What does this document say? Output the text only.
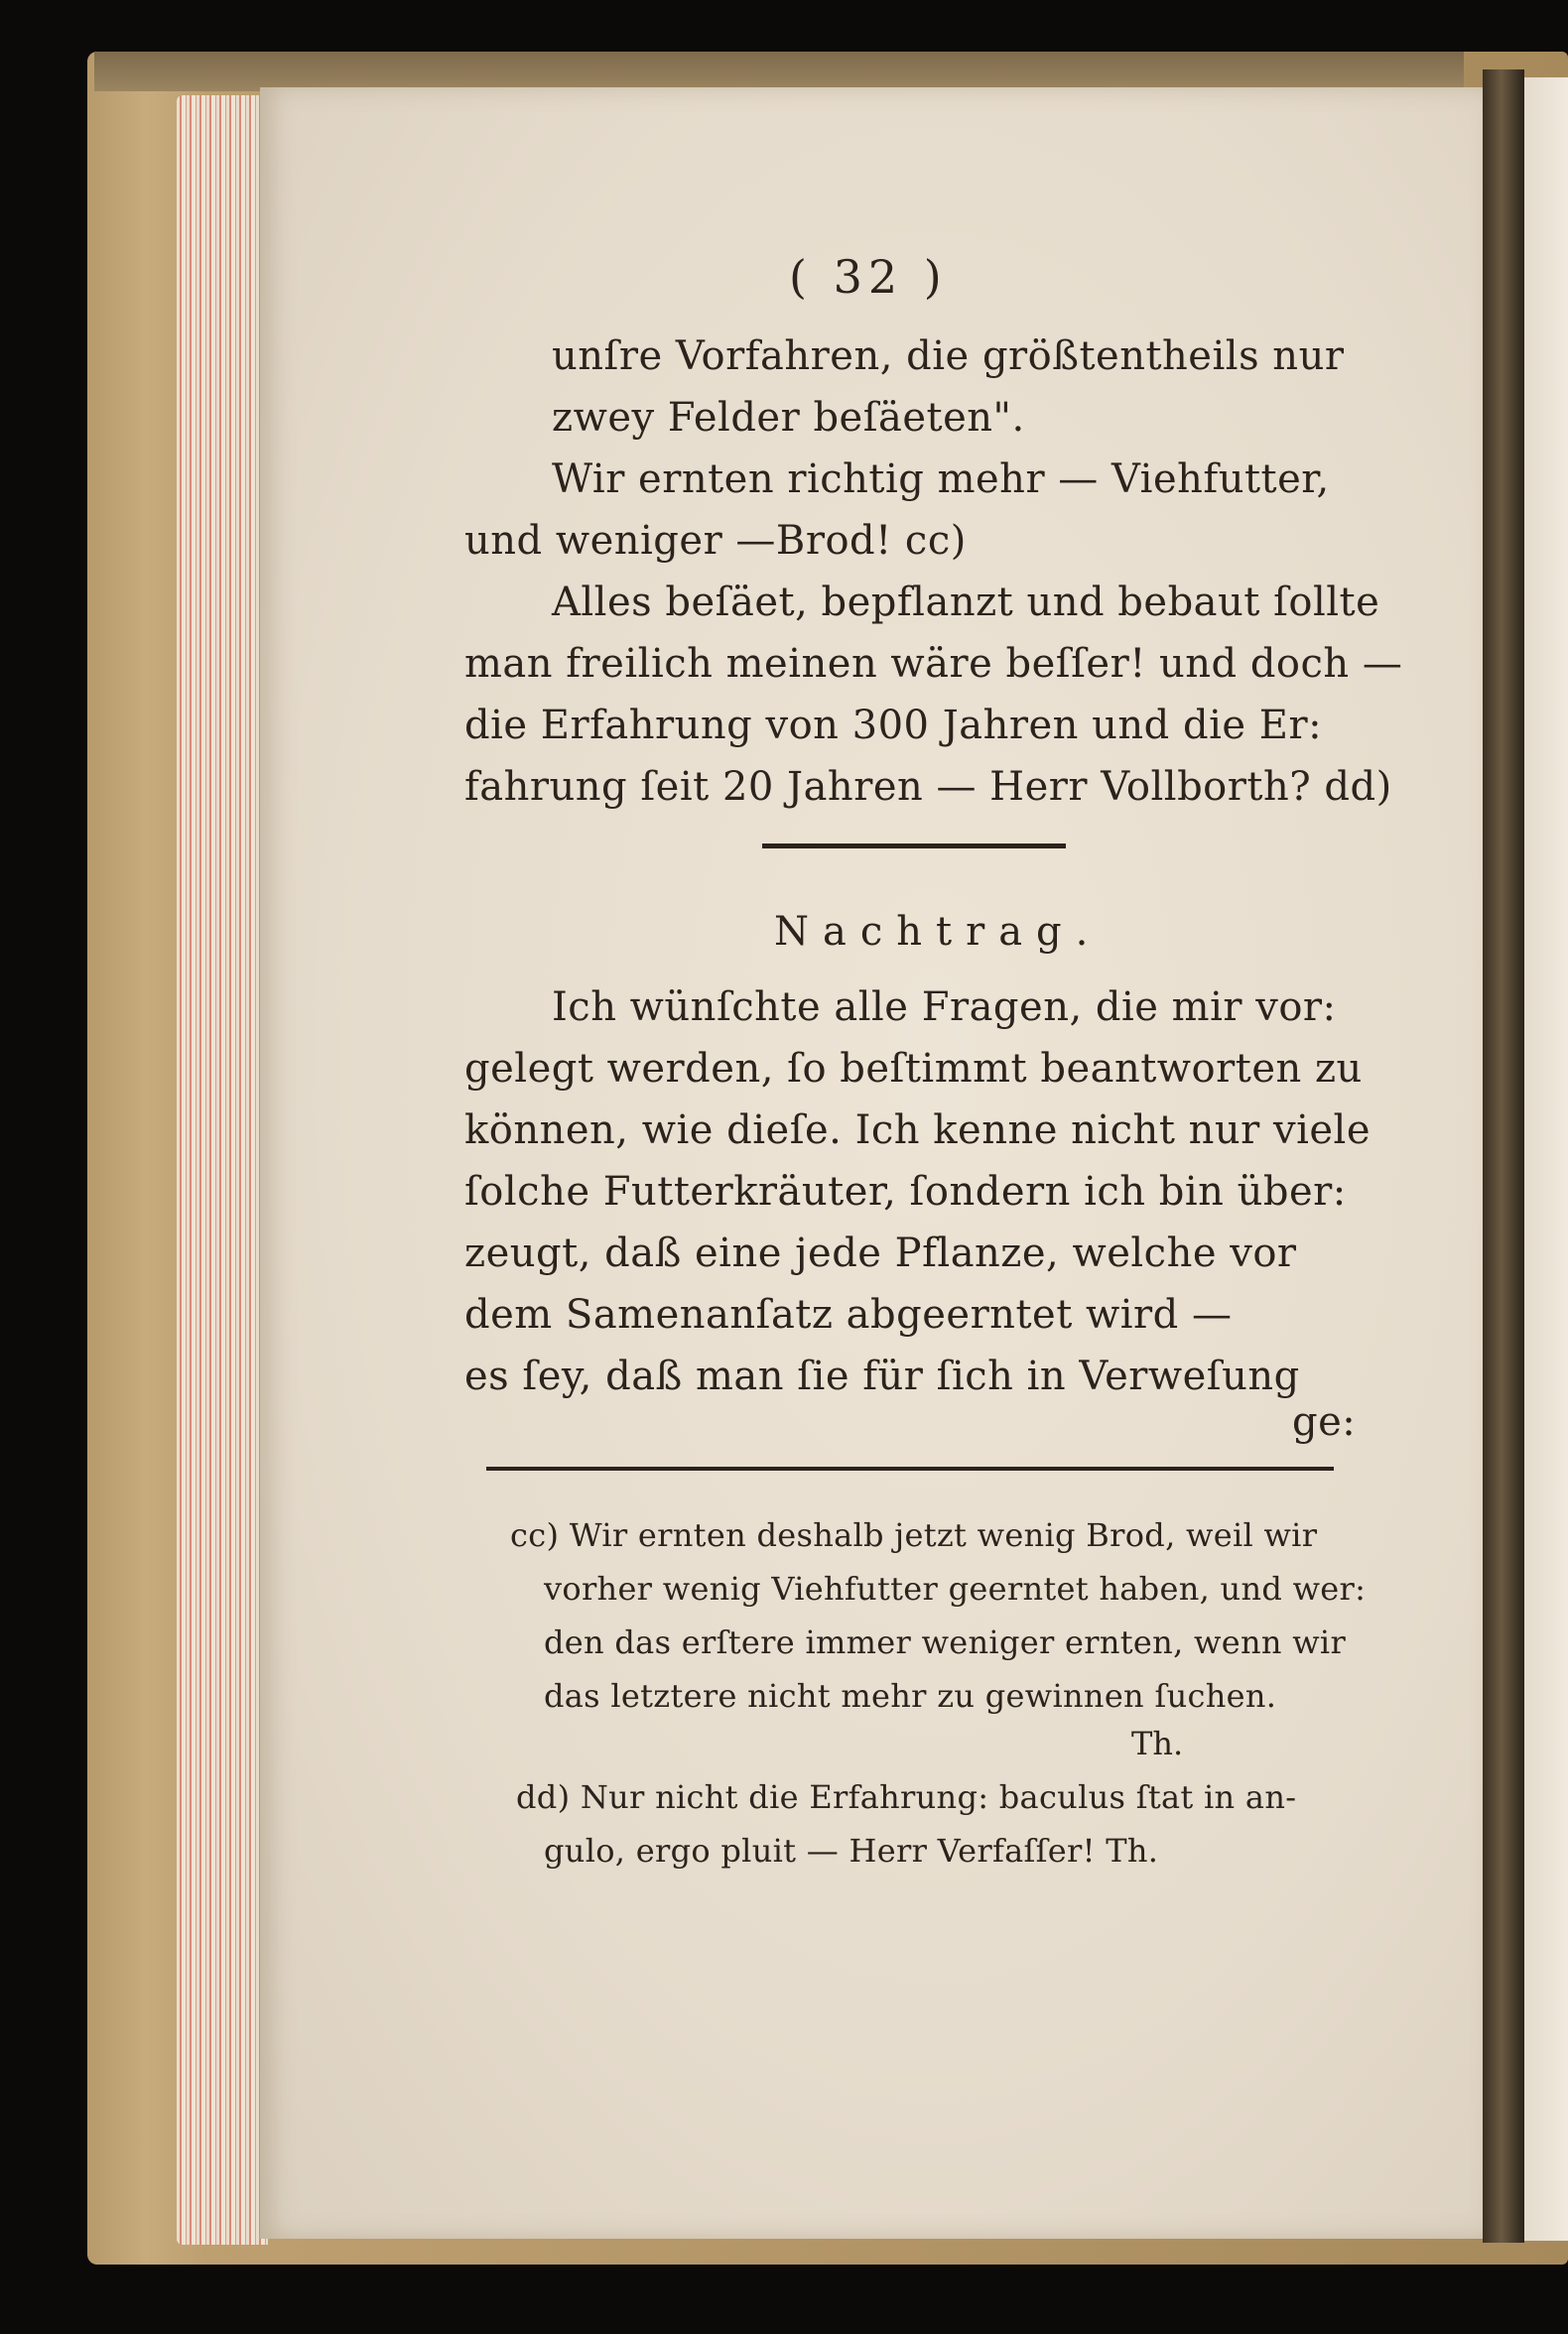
( 32 )
unſre Vorfahren, die größtentheils nur
zwey Felder beſäeten".
Wir ernten richtig mehr — Viehfutter,
und weniger —Brod! cc)
Alles beſäet, bepflanzt und bebaut ſollte
man freilich meinen wäre beſſer! und doch —
die Erfahrung von 300 Jahren und die Er:
fahrung ſeit 20 Jahren — Herr Vollborth? dd)
Nachtrag.
Ich wünſchte alle Fragen, die mir vor:
gelegt werden, ſo beſtimmt beantworten zu
können, wie dieſe. Ich kenne nicht nur viele
ſolche Futterkräuter, ſondern ich bin über:
zeugt, daß eine jede Pflanze, welche vor
dem Samenanſatz abgeerntet wird —
es ſey, daß man ſie für ſich in Verweſung
ge:
cc) Wir ernten deshalb jetzt wenig Brod, weil wir
vorher wenig Viehfutter geerntet haben, und wer:
den das erſtere immer weniger ernten, wenn wir
das letztere nicht mehr zu gewinnen ſuchen.
Th.
dd) Nur nicht die Erfahrung: baculus ſtat in an-
gulo, ergo pluit — Herr Verfaſſer! Th.
